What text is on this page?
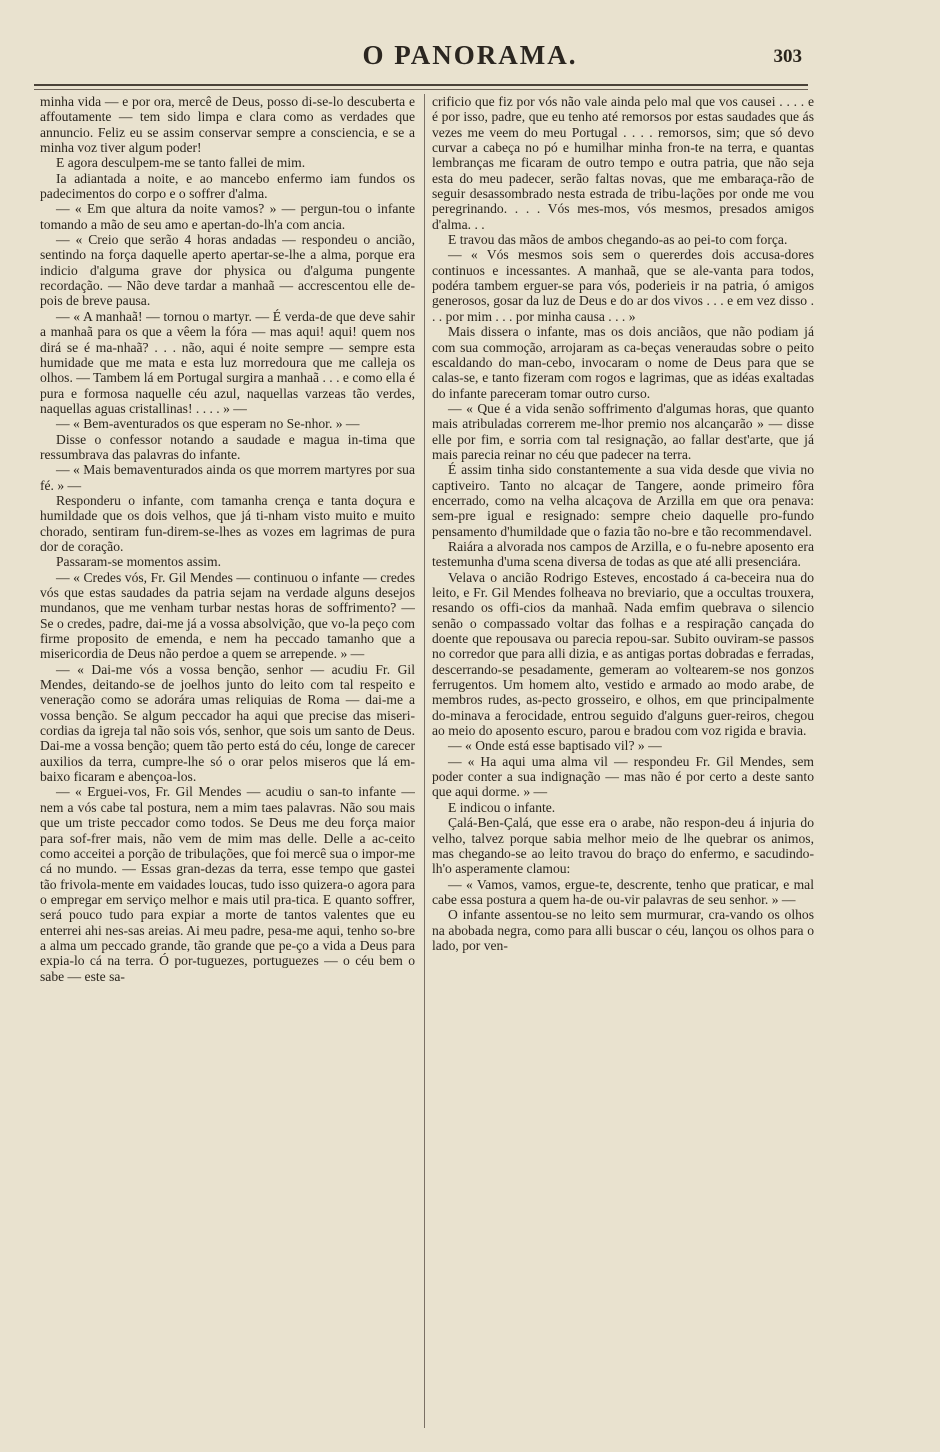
O PANORAMA.	303

minha vida — e por ora, mercê de Deus, posso di-se-lo descuberta e affoutamente — tem sido limpa e clara como as verdades que annuncio. Feliz eu se assim conservar sempre a consciencia, e se a minha voz tiver algum poder!

E agora desculpem-me se tanto fallei de mim.

Ia adiantada a noite, e ao mancebo enfermo iam fundos os padecimentos do corpo e o soffrer d'alma.

— « Em que altura da noite vamos? » — pergun-tou o infante tomando a mão de seu amo e apertan-do-lh'a com ancia.

— « Creio que serão 4 horas andadas — respondeu o ancião, sentindo na força daquelle aperto apertar-se-lhe a alma, porque era indicio d'alguma grave dor physica ou d'alguma pungente recordação. — Não deve tardar a manhaã — accrescentou elle de-pois de breve pausa.

— « A manhaã! — tornou o martyr. — É verda-de que deve sahir a manhaã para os que a vêem la fóra — mas aqui! aqui! quem nos dirá se é ma-nhaã? . . . não, aqui é noite sempre — sempre esta humidade que me mata e esta luz morredoura que me calleja os olhos. — Tambem lá em Portugal surgira a manhaã . . . e como ella é pura e formosa naquelle céu azul, naquellas varzeas tão verdes, naquellas aguas cristallinas! . . . . » —

— « Bem-aventurados os que esperam no Se-nhor. » —

Disse o confessor notando a saudade e magua in-tima que ressumbrava das palavras do infante.

— « Mais bemaventurados ainda os que morrem martyres por sua fé. » —

Responderu o infante, com tamanha crença e tanta doçura e humildade que os dois velhos, que já ti-nham visto muito e muito chorado, sentiram fun-direm-se-lhes as vozes em lagrimas de pura dor de coração.

Passaram-se momentos assim.

— « Credes vós, Fr. Gil Mendes — continuou o infante — credes vós que estas saudades da patria sejam na verdade alguns desejos mundanos, que me venham turbar nestas horas de soffrimento? — Se o credes, padre, dai-me já a vossa absolvição, que vo-la peço com firme proposito de emenda, e nem ha peccado tamanho que a misericordia de Deus não perdoe a quem se arrepende. » —

— « Dai-me vós a vossa benção, senhor — acudiu Fr. Gil Mendes, deitando-se de joelhos junto do leito com tal respeito e veneração como se adorára umas reliquias de Roma — dai-me a vossa benção. Se algum peccador ha aqui que precise das miseri-cordias da igreja tal não sois vós, senhor, que sois um santo de Deus. Dai-me a vossa benção; quem tão perto está do céu, longe de carecer auxilios da terra, cumpre-lhe só o orar pelos miseros que lá em-baixo ficaram e abençoa-los.

— « Erguei-vos, Fr. Gil Mendes — acudiu o san-to infante — nem a vós cabe tal postura, nem a mim taes palavras. Não sou mais que um triste peccador como todos. Se Deus me deu força maior para sof-frer mais, não vem de mim mas delle. Delle a ac-ceito como acceitei a porção de tribulações, que foi mercê sua o impor-me cá no mundo. — Essas gran-dezas da terra, esse tempo que gastei tão frivola-mente em vaidades loucas, tudo isso quizera-o agora para o empregar em serviço melhor e mais util pra-tica. E quanto soffrer, será pouco tudo para expiar a morte de tantos valentes que eu enterrei ahi nes-sas areias. Ai meu padre, pesa-me aqui, tenho so-bre a alma um peccado grande, tão grande que pe-ço a vida a Deus para expia-lo cá na terra. Ó por-tuguezes, portuguezes — o céu bem o sabe — este sa-

crificio que fiz por vós não vale ainda pelo mal que vos causei . . . . e é por isso, padre, que eu tenho até remorsos por estas saudades que ás vezes me veem do meu Portugal . . . . remorsos, sim; que só devo curvar a cabeça no pó e humilhar minha fron-te na terra, e quantas lembranças me ficaram de outro tempo e outra patria, que não seja esta do meu padecer, serão faltas novas, que me embaraça-rão de seguir desassombrado nesta estrada de tribu-lações por onde me vou peregrinando. . . . Vós mes-mos, vós mesmos, presados amigos d'alma. . .

E travou das mãos de ambos chegando-as ao pei-to com força.

— « Vós mesmos sois sem o quererdes dois accusa-dores continuos e incessantes. A manhaã, que se ale-vanta para todos, podéra tambem erguer-se para vós, poderieis ir na patria, ó amigos generosos, gosar da luz de Deus e do ar dos vivos . . . e em vez disso . . . por mim . . . por minha causa . . . »

Mais dissera o infante, mas os dois anciãos, que não podiam já com sua commoção, arrojaram as ca-beças veneraudas sobre o peito escaldando do man-cebo, invocaram o nome de Deus para que se calas-se, e tanto fizeram com rogos e lagrimas, que as idéas exaltadas do infante pareceram tomar outro curso.

— « Que é a vida senão soffrimento d'algumas horas, que quanto mais atribuladas correrem me-lhor premio nos alcançarão » — disse elle por fim, e sorria com tal resignação, ao fallar dest'arte, que já mais parecia reinar no céu que padecer na terra.

É assim tinha sido constantemente a sua vida desde que vivia no captiveiro. Tanto no alcaçar de Tangere, aonde primeiro fôra encerrado, como na velha alcaçova de Arzilla em que ora penava: sem-pre igual e resignado: sempre cheio daquelle pro-fundo pensamento d'humildade que o fazia tão no-bre e tão recommendavel.

Raiára a alvorada nos campos de Arzilla, e o fu-nebre aposento era testemunha d'uma scena diversa de todas as que até alli presenciára.

Velava o ancião Rodrigo Esteves, encostado á ca-beceira nua do leito, e Fr. Gil Mendes folheava no breviario, que a occultas trouxera, resando os offi-cios da manhaã. Nada emfim quebrava o silencio senão o compassado voltar das folhas e a respiração cançada do doente que repousava ou parecia repou-sar. Subito ouviram-se passos no corredor que para alli dizia, e as antigas portas dobradas e ferradas, descerrando-se pesadamente, gemeram ao voltearem-se nos gonzos ferrugentos. Um homem alto, vestido e armado ao modo arabe, de membros rudes, as-pecto grosseiro, e olhos, em que principalmente do-minava a ferocidade, entrou seguido d'alguns guer-reiros, chegou ao meio do aposento escuro, parou e bradou com voz rigida e bravia.

— « Onde está esse baptisado vil? » —

— « Ha aqui uma alma vil — respondeu Fr. Gil Mendes, sem poder conter a sua indignação — mas não é por certo a deste santo que aqui dorme. » —

E indicou o infante.

Çalá-Ben-Çalá, que esse era o arabe, não respon-deu á injuria do velho, talvez porque sabia melhor meio de lhe quebrar os animos, mas chegando-se ao leito travou do braço do enfermo, e sacudindo-lh'o asperamente clamou:

— « Vamos, vamos, ergue-te, descrente, tenho que praticar, e mal cabe essa postura a quem ha-de ou-vir palavras de seu senhor. » —

O infante assentou-se no leito sem murmurar, cra-vando os olhos na abobada negra, como para alli buscar o céu, lançou os olhos para o lado, por ven-
